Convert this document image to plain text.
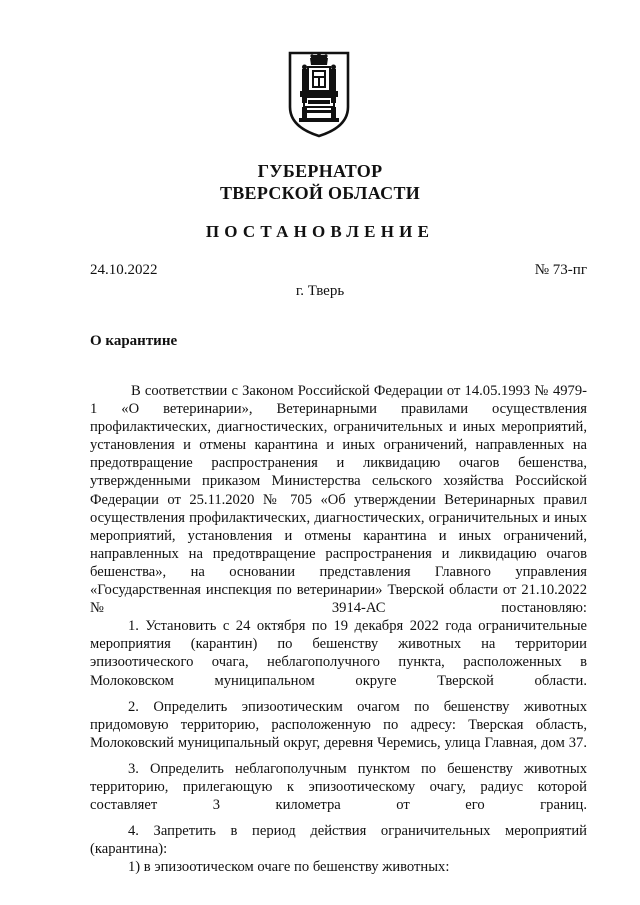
ГУБЕРНАТОР
ТВЕРСКОЙ ОБЛАСТИ
ПОСТАНОВЛЕНИЕ
24.10.2022	№ 73-пг
г. Тверь
О карантине

В соответствии с Законом Российской Федерации от 14.05.1993 № 4979-1 «О ветеринарии», Ветеринарными правилами осуществления профилактических, диагностических, ограничительных и иных мероприятий, установления и отмены карантина и иных ограничений, направленных на предотвращение распространения и ликвидацию очагов бешенства, утвержденными приказом Министерства сельского хозяйства Российской Федерации от 25.11.2020 № 705 «Об утверждении Ветеринарных правил осуществления профилактических, диагностических, ограничительных и иных мероприятий, установления и отмены карантина и иных ограничений, направленных на предотвращение распространения и ликвидацию очагов бешенства», на основании представления Главного управления «Государственная инспекция по ветеринарии» Тверской области от 21.10.2022 № 3914-АС постановляю:

1. Установить с 24 октября по 19 декабря 2022 года ограничительные мероприятия (карантин) по бешенству животных на территории эпизоотического очага, неблагополучного пункта, расположенных в Молоковском муниципальном округе Тверской области.

2. Определить эпизоотическим очагом по бешенству животных придомовую территорию, расположенную по адресу: Тверская область, Молоковский муниципальный округ, деревня Черемись, улица Главная, дом 37.

3. Определить неблагополучным пунктом по бешенству животных территорию, прилегающую к эпизоотическому очагу, радиус которой составляет 3 километра от его границ.

4. Запретить в период действия ограничительных мероприятий (карантина):

1) в эпизоотическом очаге по бешенству животных:
